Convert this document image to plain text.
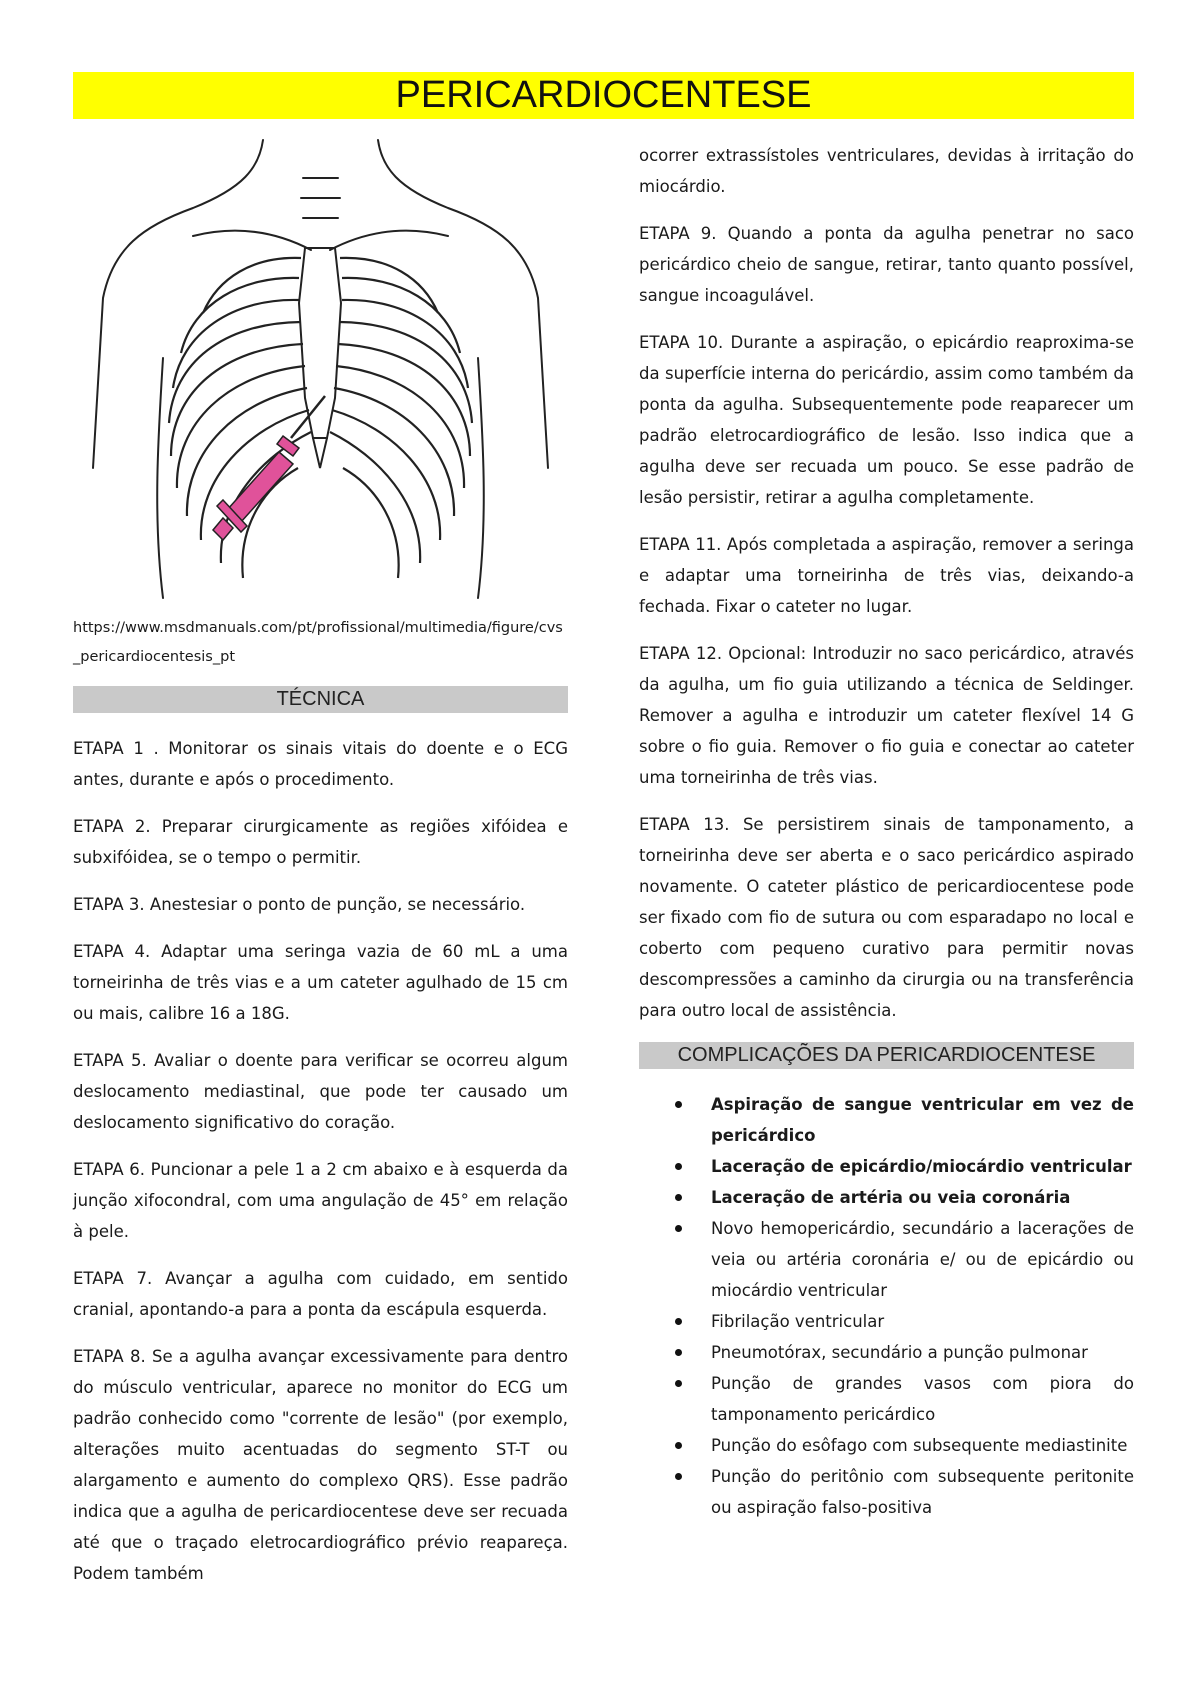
PERICARDIOCENTESE
https://www.msdmanuals.com/pt/profissional/multimedia/figure/cvs_pericardiocentesis_pt
TÉCNICA

ETAPA 1 . Monitorar os sinais vitais do doente e o ECG antes, durante e após o procedimento.

ETAPA 2. Preparar cirurgicamente as regiões xifóidea e subxifóidea, se o tempo o permitir.

ETAPA 3. Anestesiar o ponto de punção, se necessário.

ETAPA 4. Adaptar uma seringa vazia de 60 mL a uma torneirinha de três vias e a um cateter agulhado de 15 cm ou mais, calibre 16 a 18G.

ETAPA 5. Avaliar o doente para verificar se ocorreu algum deslocamento mediastinal, que pode ter causado um deslocamento significativo do coração.

ETAPA 6. Puncionar a pele 1 a 2 cm abaixo e à esquerda da junção xifocondral, com uma angulação de 45° em relação à pele.

ETAPA 7. Avançar a agulha com cuidado, em sentido cranial, apontando-a para a ponta da escápula esquerda.

ETAPA 8. Se a agulha avançar excessivamente para dentro do músculo ventricular, aparece no monitor do ECG um padrão conhecido como "corrente de lesão" (por exemplo, alterações muito acentuadas do segmento ST-T ou alargamento e aumento do complexo QRS). Esse padrão indica que a agulha de pericardiocentese deve ser recuada até que o traçado eletrocardiográfico prévio reapareça. Podem também

ocorrer extrassístoles ventriculares, devidas à irritação do miocárdio.

ETAPA 9. Quando a ponta da agulha penetrar no saco pericárdico cheio de sangue, retirar, tanto quanto possível, sangue incoagulável.

ETAPA 10. Durante a aspiração, o epicárdio reaproxima-se da superfície interna do pericárdio, assim como também da ponta da agulha. Subsequentemente pode reaparecer um padrão eletrocardiográfico de lesão. Isso indica que a agulha deve ser recuada um pouco. Se esse padrão de lesão persistir, retirar a agulha completamente.

ETAPA 11. Após completada a aspiração, remover a seringa e adaptar uma torneirinha de três vias, deixando-a fechada. Fixar o cateter no lugar.

ETAPA 12. Opcional: Introduzir no saco pericárdico, através da agulha, um fio guia utilizando a técnica de Seldinger. Remover a agulha e introduzir um cateter flexível 14 G sobre o fio guia. Remover o fio guia e conectar ao cateter uma torneirinha de três vias.

ETAPA 13. Se persistirem sinais de tamponamento, a torneirinha deve ser aberta e o saco pericárdico aspirado novamente. O cateter plástico de pericardiocentese pode ser fixado com fio de sutura ou com esparadapo no local e coberto com pequeno curativo para permitir novas descompressões a caminho da cirurgia ou na transferência para outro local de assistência.

COMPLICAÇÕES DA PERICARDIOCENTESE
Aspiração de sangue ventricular em vez de pericárdico
Laceração de epicárdio/miocárdio ventricular
Laceração de artéria ou veia coronária
Novo hemopericárdio, secundário a lacerações de veia ou artéria coronária e/ ou de epicárdio ou miocárdio ventricular
Fibrilação ventricular
Pneumotórax, secundário a punção pulmonar
Punção de grandes vasos com piora do tamponamento pericárdico
Punção do esôfago com subsequente mediastinite
Punção do peritônio com subsequente peritonite ou aspiração falso-positiva
